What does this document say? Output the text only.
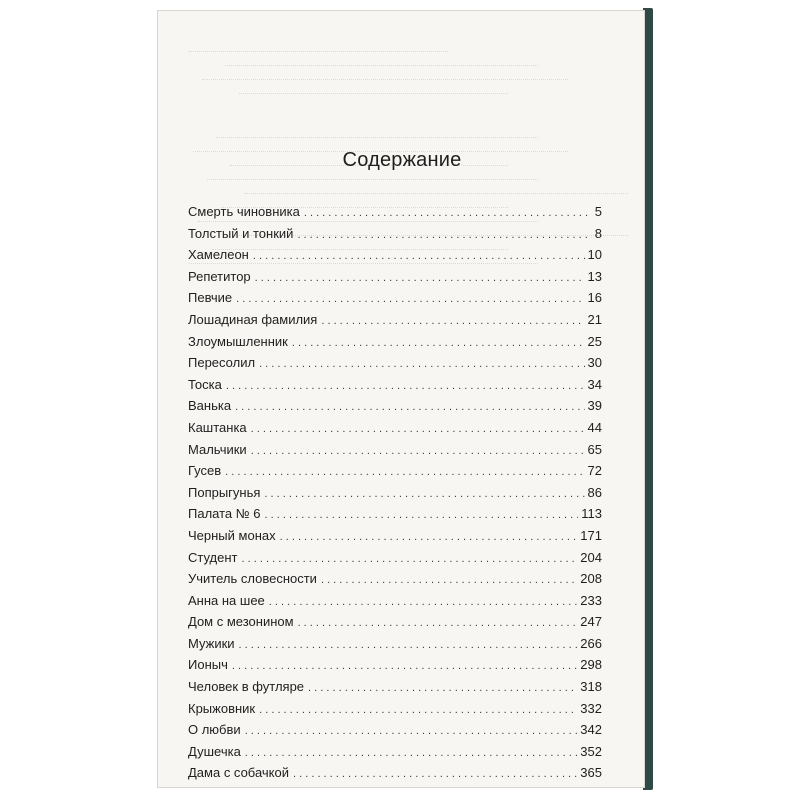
Содержание
Смерть чиновника . . .	5
Толстый и тонкий . . .	8
Хамелеон . . .	10
Репетитор . . .	13
Певчие . . .	16
Лошадиная фамилия . . .	21
Злоумышленник . . .	25
Пересолил . . .	30
Тоска . . .	34
Ванька . . .	39
Каштанка . . .	44
Мальчики . . .	65
Гусев . . .	72
Попрыгунья . . .	86
Палата № 6 . . .	113
Черный монах . . .	171
Студент . . .	204
Учитель словесности . . .	208
Анна на шее . . .	233
Дом с мезонином . . .	247
Мужики . . .	266
Ионыч . . .	298
Человек в футляре . . .	318
Крыжовник . . .	332
О любви . . .	342
Душечка . . .	352
Дама с собачкой . . .	365
